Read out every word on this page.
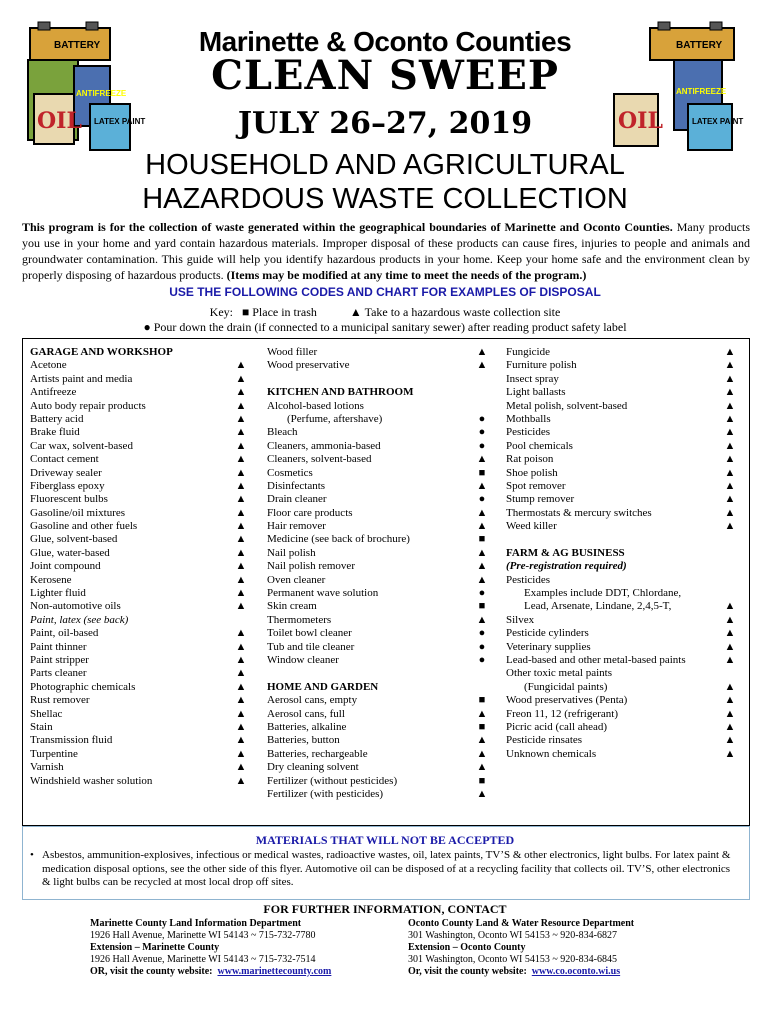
BATTERY
ANTIFREEZE
OIL LATEX PAINT
BATTERY
ANTIFREEZE
OIL	LATEX PAINT
Marinette & Oconto Counties
CLEAN SWEEP
JULY 26–27, 2019
HOUSEHOLD AND AGRICULTURAL
HAZARDOUS WASTE COLLECTION
This program is for the collection of waste generated within the geographical boundaries of Marinette and Oconto Counties. Many products you use in your home and yard contain hazardous materials. Improper disposal of these products can cause fires, injuries to people and animals and groundwater contamination. This guide will help you identify hazardous products in your home. Keep your home safe and the environment clean by properly disposing of hazardous products. (Items may be modified at any time to meet the needs of the program.)
USE THE FOLLOWING CODES AND CHART FOR EXAMPLES OF DISPOSAL
Key:   ■ Place in trash           ▲ Take to a hazardous waste collection site
● Pour down the drain (if connected to a municipal sanitary sewer) after reading product safety label
GARAGE AND WORKSHOP
Acetone
Artists paint and media
Antifreeze
Auto body repair products
Battery acid
Brake fluid
Car wax, solvent-based
Contact cement
Driveway sealer
Fiberglass epoxy
Fluorescent bulbs
Gasoline/oil mixtures
Gasoline and other fuels
Glue, solvent-based
Glue, water-based
Joint compound
Kerosene
Lighter fluid
Non-automotive oils
Paint, latex (see back)
Paint, oil-based
Paint thinner
Paint stripper
Parts cleaner
Photographic chemicals
Rust remover
Shellac
Stain
Transmission fluid
Turpentine
Varnish
Windshield washer solution
▲
▲
▲
▲
▲
▲
▲
▲
▲
▲
▲
▲
▲
▲
▲
▲
▲
▲
▲
▲
▲
▲
▲
▲
▲
▲
▲
▲
▲
▲
▲
Wood filler
Wood preservative
KITCHEN AND BATHROOM
Alcohol-based lotions
(Perfume, aftershave)
Bleach
Cleaners, ammonia-based
Cleaners, solvent-based
Cosmetics
Disinfectants
Drain cleaner
Floor care products
Hair remover
Medicine (see back of brochure)
Nail polish
Nail polish remover
Oven cleaner
Permanent wave solution
Skin cream
Thermometers
Toilet bowl cleaner
Tub and tile cleaner
Window cleaner
HOME AND GARDEN
Aerosol cans, empty
Aerosol cans, full
Batteries, alkaline
Batteries, button
Batteries, rechargeable
Dry cleaning solvent
Fertilizer (without pesticides)
Fertilizer (with pesticides)
▲
▲
●
●
●
▲
■
▲
●
▲
▲
■
▲
▲
▲
●
■
▲
●
●
●
■
▲
■
▲
▲
▲
■
▲
Fungicide
Furniture polish
Insect spray
Light ballasts
Metal polish, solvent-based
Mothballs
Pesticides
Pool chemicals
Rat poison
Shoe polish
Spot remover
Stump remover
Thermostats & mercury switches
Weed killer
FARM & AG BUSINESS
(Pre-registration required)
Pesticides
Examples include DDT, Chlordane,
Lead, Arsenate, Lindane, 2,4,5-T,
Silvex
Pesticide cylinders
Veterinary supplies
Lead-based and other metal-based paints
Other toxic metal paints
(Fungicidal paints)
Wood preservatives (Penta)
Freon 11, 12 (refrigerant)
Picric acid (call ahead)
Pesticide rinsates
Unknown chemicals
▲
▲
▲
▲
▲
▲
▲
▲
▲
▲
▲
▲
▲
▲
▲
▲
▲
▲
▲
▲
▲
▲
▲
▲
▲
MATERIALS THAT WILL NOT BE ACCEPTED
• Asbestos, ammunition-explosives, infectious or medical wastes, radioactive wastes, oil, latex paints, TV’S & other electronics, light bulbs. For latex paint & medication disposal options, see the other side of this flyer. Automotive oil can be disposed of at a recycling facility that collects oil. TV’S, other electronics & light bulbs can be recycled at most local drop off sites.
FOR FURTHER INFORMATION, CONTACT
Marinette County Land Information Department
1926 Hall Avenue, Marinette WI 54143 ~ 715-732-7780
Extension – Marinette County
1926 Hall Avenue, Marinette WI 54143 ~ 715-732-7514
OR, visit the county website: www.marinettecounty.com
Oconto County Land & Water Resource Department
301 Washington, Oconto WI 54153 ~ 920-834-6827
Extension – Oconto County
301 Washington, Oconto WI 54153 ~ 920-834-6845
Or, visit the county website: www.co.oconto.wi.us
